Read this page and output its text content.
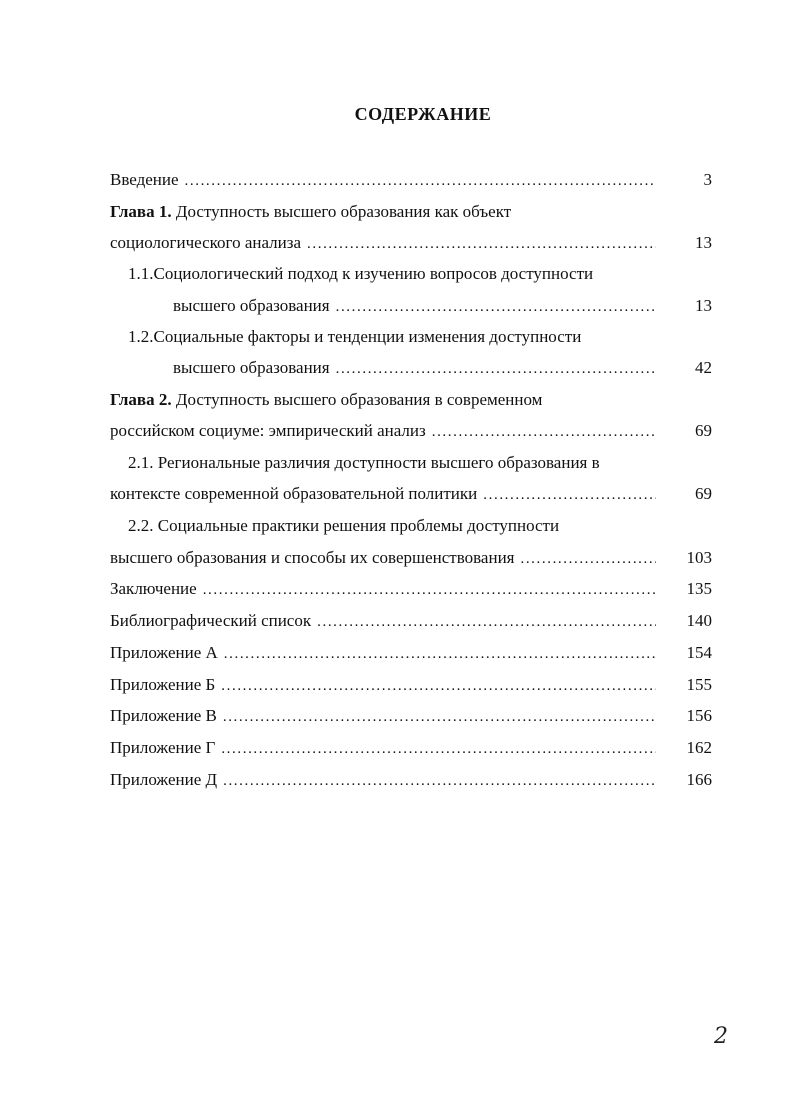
СОДЕРЖАНИЕ
Введение .....	3
Глава 1. Доступность высшего образования как объект
социологического анализа .....	13
1.1.Социологический подход к изучению вопросов доступности
высшего образования .....	13
1.2.Социальные факторы и тенденции изменения доступности
высшего образования .....	42
Глава 2. Доступность высшего образования в современном
российском социуме: эмпирический анализ .....	69
2.1. Региональные различия доступности высшего образования в
контексте современной образовательной политики .....	69
2.2. Социальные практики решения проблемы доступности
высшего образования и способы их совершенствования .....	103
Заключение .....	135
Библиографический список .....	140
Приложение А .....	154
Приложение Б .....	155
Приложение В .....	156
Приложение Г .....	162
Приложение Д .....	166
2
